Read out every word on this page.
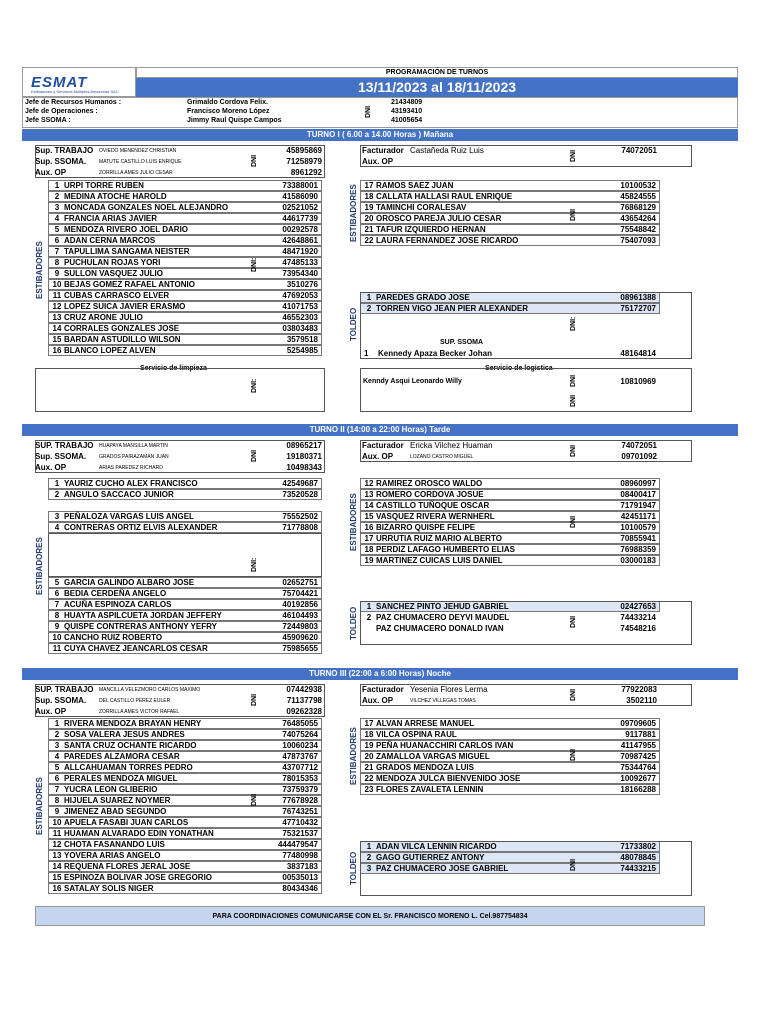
ESMAT
Estibadores y Servicios Múltiples Amazonas SAC
PROGRAMACIÓN DE TURNOS
13/11/2023 al 18/11/2023
Jefe de Recursos Humanos :	Grimaldo Cordova Felix.	21434809
Jefe de Operaciones :	Francisco Moreno López	43193410
Jefe SSOMA :	Jimmy Raul Quispe Campos	41005654
DNI
TURNO I ( 6.00 a 14.00 Horas ) Mañana
Sup. TRABAJO	OVIEDO MENENDEZ CHRISTIAN	45895869
Sup. SSOMA.	MATUTE CASTILLO LUIS ENRIQUE	71258979
Aux. OP	ZORRILLA AMES JULIO CESAR	8961292
DNI
Facturador Castañeda Ruiz Luis	74072051
Aux. OP	DNI
1 URPI TORRE RUBEN	73388001
2 MEDINA ATOCHE HAROLD	41586090
3 MONCADA GONZALES NOEL ALEJANDRO	02521052
4 FRANCIA ARIAS JAVIER	44617739
5 MENDOZA RIVERO JOEL DARIO	00292578
6 ADAN CERNA MARCOS	42648861
7 TAPULLIMA SANGAMA NEISTER	48471920
8 PUCHULAN ROJAS YORI	47485133
9 SULLON VASQUEZ JULIO	73954340
10 BEJAS GOMEZ RAFAEL ANTONIO	3510276
11 CUBAS CARRASCO ELVER	47692053
12 LOPEZ SUICA JAVIER ERASMO	41071753
13 CRUZ ARONE JULIO	46552303
14 CORRALES GONZALES JOSE	03803483
15 BARDAN ASTUDILLO WILSON	3579518
16 BLANCO LOPEZ ALVEN	5254985
ESTIBADORES	DNI:
17 RAMOS SAEZ JUAN	10100532
18 CALLATA HALLASI RAUL ENRIQUE	45824555
19 TAMINCHI CORALESAV	76868129
20 OROSCO PAREJA JULIO CESAR	43654264
21 TAFUR IZQUIERDO HERNAN	75548842
22 LAURA FERNANDEZ JOSE RICARDO	75407093
ESTIBADORES	DNI
1 PAREDES GRADO JOSE	08961388
2 TORREN VIGO JEAN PIER ALEXANDER	75172707
TOLDEO	DNI:
SUP. SSOMA
1	Kennedy Apaza Becker Johan	48164814
Servicio de limpieza
DNI:
Servicio de logistica
Kenndy Asqui Leonardo Willy	10810969
DNI
DNI
TURNO II (14:00 a 22:00 Horas) Tarde
SUP. TRABAJO	HUAPAYA MANSILLA MARTIN	08965217
Sup. SSOMA.	GRADOS PAIRAZAMAN JUAN	19180371
Aux. OP	ARIAS PAREDEZ RICHARD	10498343
DNI
Facturador Ericka Vilchez Huaman	74072051
Aux. OP	LOZANO CASTRO MIGUEL	09701092
DNI
1 YAURIZ CUCHO ALEX FRANCISCO	42549687
2 ANGULO SACCACO JUNIOR	73520528
3 PEÑALOZA VARGAS LUIS ANGEL	75552502
4 CONTRERAS ORTIZ ELVIS ALEXANDER	71778808
5 GARCIA GALINDO ALBARO JOSE	02652751
6 BEDIA CERDEÑA ANGELO	75704421
7 ACUÑA ESPINOZA CARLOS	40192856
8 HUAYTA ASPILCUETA JORDAN JEFFERY	46104493
9 QUISPE CONTRERAS ANTHONY YEFRY	72449803
10 CANCHO RUIZ ROBERTO	45909620
11 CUYA CHAVEZ JEANCARLOS CESAR	75985655
ESTIBADORES	DNI:
12 RAMIREZ OROSCO WALDO	08960997
13 ROMERO CORDOVA JOSUE	08400417
14 CASTILLO TUÑOQUE OSCAR	71791947
15 VASQUEZ RIVERA WERNHERL	42451171
16 BIZARRO QUISPE FELIPE	10100579
17 URRUTIA RUIZ MARIO ALBERTO	70855941
18 PERDIZ LAFAGO HUMBERTO ELIAS	76988359
19 MARTINEZ CUICAS LUIS DANIEL	03000183
ESTIBADORES	DNI
1 SANCHEZ PINTO JEHUD GABRIEL	02427653
2 PAZ CHUMACERO DEYVI MAUDEL	74433214
PAZ CHUMACERO DONALD IVAN	74548216
TOLDEO	DNI
TURNO III (22:00 a 6:00 Horas) Noche
SUP. TRABAJO	MANCILLA VELEZMORO CARLOS MAXIMO	07442938
Sup. SSOMA.	DEL CASTILLO PEREZ EULER	71137798
Aux. OP	ZORRILLA AMES VICTOR RAFAEL	09262328
DNI
Facturador Yesenia Flores Lerma	77922083
Aux. OP	VILCHEZ VILLEGAS TOMAS	3502110
DNI
1 RIVERA MENDOZA BRAYAN HENRY	76485055
2 SOSA VALERA JESUS ANDRES	74075264
3 SANTA CRUZ OCHANTE RICARDO	10060234
4 PAREDES ALZAMORA CESAR	47873767
5 ALLCAHUAMAN TORRES PEDRO	43707712
6 PERALES MENDOZA MIGUEL	78015353
7 YUCRA LEON GLIBERIO	73759379
8 HIJUELA SUAREZ NOYMER	77678928
9 JIMENEZ ABAD SEGUNDO	76743251
10 APUELA FASABI JUAN CARLOS	47710432
11 HUAMAN ALVARADO EDIN YONATHAN	75321537
12 CHOTA FASANANDO LUIS	444479547
13 YOVERA ARIAS ANGELO	77480998
14 REQUENA FLORES JERAL JOSE	3837183
15 ESPINOZA BOLIVAR JOSE GREGORIO	00535013
16 SATALAY SOLIS NIGER	80434346
ESTIBADORES	DNI
17 ALVAN ARRESE MANUEL	09709605
18 VILCA OSPINA RAUL	9117881
19 PEÑA HUANACCHIRI CARLOS IVAN	41147955
20 ZAMALLOA VARGAS MIGUEL	70987425
21 GRADOS MENDOZA LUIS	75344764
22 MENDOZA JULCA BIENVENIDO JOSE	10092677
23 FLORES ZAVALETA LENNIN	18166288
ESTIBADORES	DNI
1 ADAN VILCA LENNIN RICARDO	71733802
2 GAGO GUTIERREZ ANTONY	48078845
3 PAZ CHUMACERO JOSE GABRIEL	74433215
TOLDEO	DNI
PARA COORDINACIONES COMUNICARSE CON EL Sr. FRANCISCO MORENO L. Cel.987754834
